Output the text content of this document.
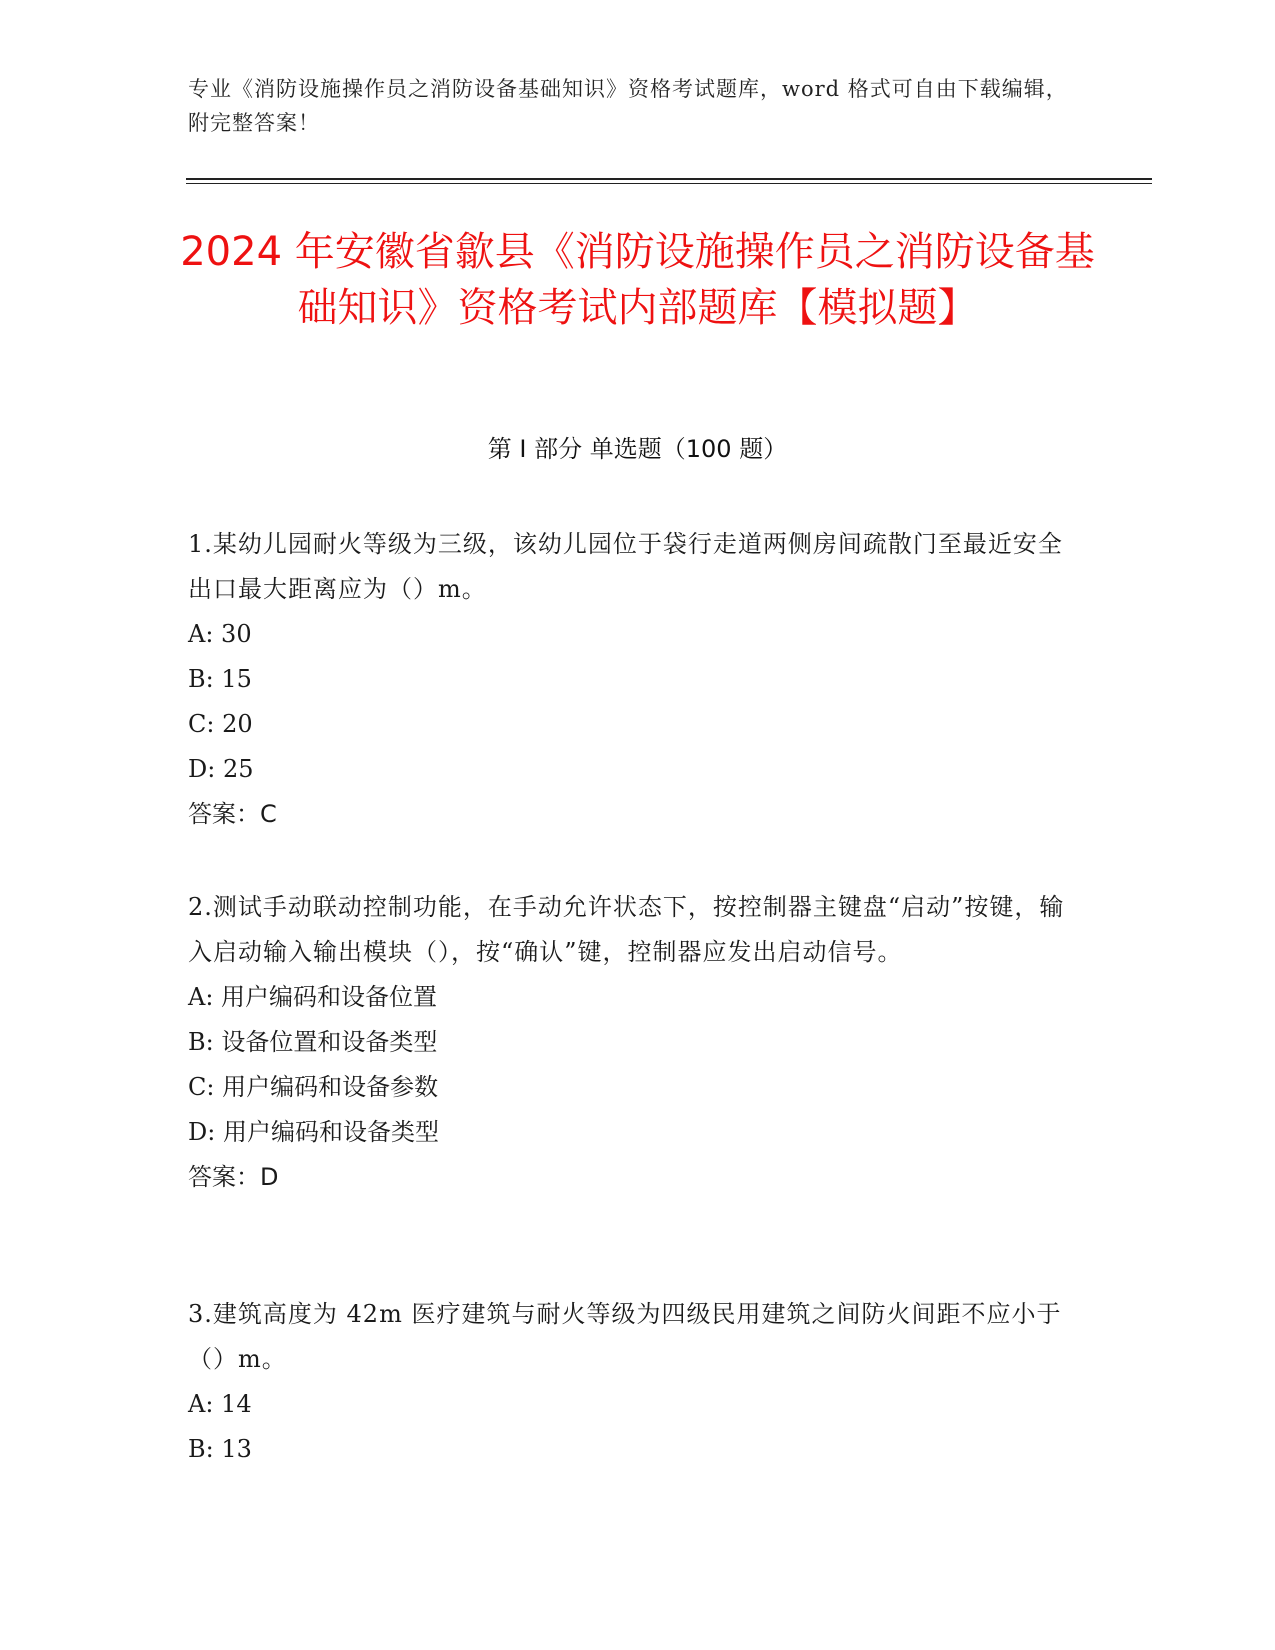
专业《消防设施操作员之消防设备基础知识》资格考试题库，word 格式可自由下载编辑，附完整答案！
2024 年安徽省歙县《消防设施操作员之消防设备基础知识》资格考试内部题库【模拟题】
第 I 部分 单选题（100 题）
1.某幼儿园耐火等级为三级，该幼儿园位于袋行走道两侧房间疏散门至最近安全出口最大距离应为（）m。
A: 30
B: 15
C: 20
D: 25
答案：C
2.测试手动联动控制功能，在手动允许状态下，按控制器主键盘“启动”按键，输入启动输入输出模块（），按“确认”键，控制器应发出启动信号。
A: 用户编码和设备位置
B: 设备位置和设备类型
C: 用户编码和设备参数
D: 用户编码和设备类型
答案：D
3.建筑高度为 42m 医疗建筑与耐火等级为四级民用建筑之间防火间距不应小于（）m。
A: 14
B: 13
